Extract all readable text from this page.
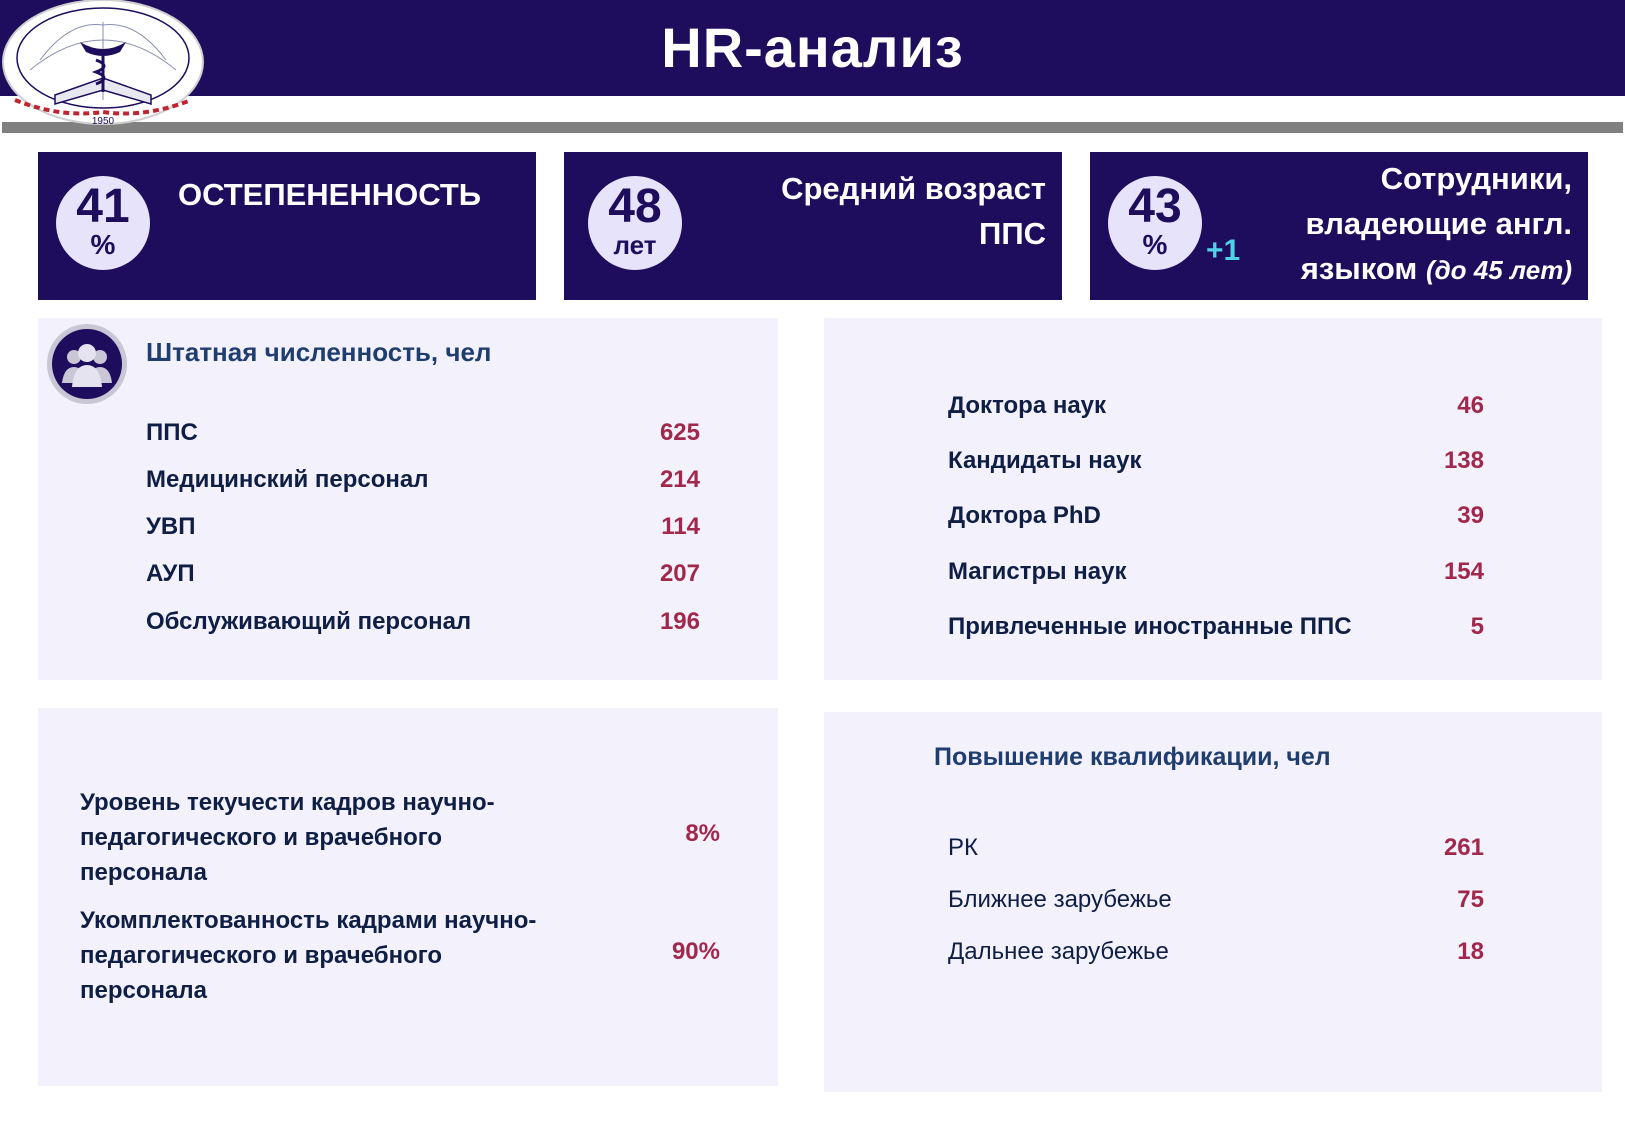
HR-анализ
1950
41
%
ОСТЕПЕНЕННОСТЬ	48
лет
Средний возраст
ППС
43
%	+1
Сотрудники,
владеющие англ.
языком (до 45 лет)
Штатная численность, чел
ППС	625
Медицинский персонал	214
УВП	114
АУП	207
Обслуживающий персонал	196
Доктора наук	46
Кандидаты наук	138
Доктора PhD	39
Магистры наук	154
Привлеченные иностранные ППС	5
Уровень текучести кадров научно-
педагогического и врачебного
персонала
8%
Укомплектованность кадрами научно-
педагогического и врачебного
персонала
90%
Повышение квалификации, чел
РК	261
Ближнее зарубежье	75
Дальнее зарубежье	18
